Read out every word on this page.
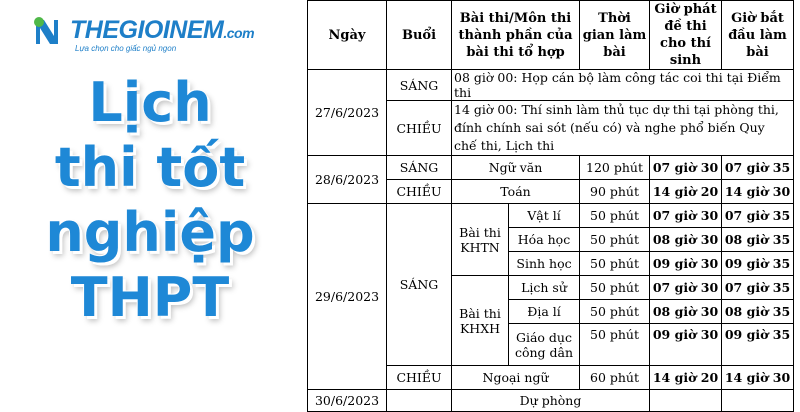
THEGIOINEM.com
Lựa chọn cho giấc ngủ ngon
Lịch
thi tốt
nghiệp
THPT
Ngày	Buổi	Bài thi/Môn thi thành phần của bài thi tổ hợp		Thời gian làm bài	Giờ phát đề thi cho thí sinh	Giờ bắt đầu làm bài
27/6/2023	SÁNG	08 giờ 00: Họp cán bộ làm công tác coi thi tại Điểm thi				
	CHIỀU	14 giờ 00: Thí sinh làm thủ tục dự thi tại phòng thi, đính chính sai sót (nếu có) và nghe phổ biến Quy chế thi, Lịch thi				
28/6/2023	SÁNG	Ngữ văn		120 phút	07 giờ 30	07 giờ 35
	CHIỀU	Toán		90 phút	14 giờ 20	14 giờ 30
29/6/2023	SÁNG	Bài thi KHTN	Vật lí	50 phút	07 giờ 30	07 giờ 35
			Hóa học	50 phút	08 giờ 30	08 giờ 35
			Sinh học	50 phút	09 giờ 30	09 giờ 35
		Bài thi KHXH	Lịch sử	50 phút	07 giờ 30	07 giờ 35
			Địa lí	50 phút	08 giờ 30	08 giờ 35
			Giáo dục công dân	50 phút	09 giờ 30	09 giờ 35
	CHIỀU	Ngoại ngữ		60 phút	14 giờ 20	14 giờ 30
30/6/2023		Dự phòng				
